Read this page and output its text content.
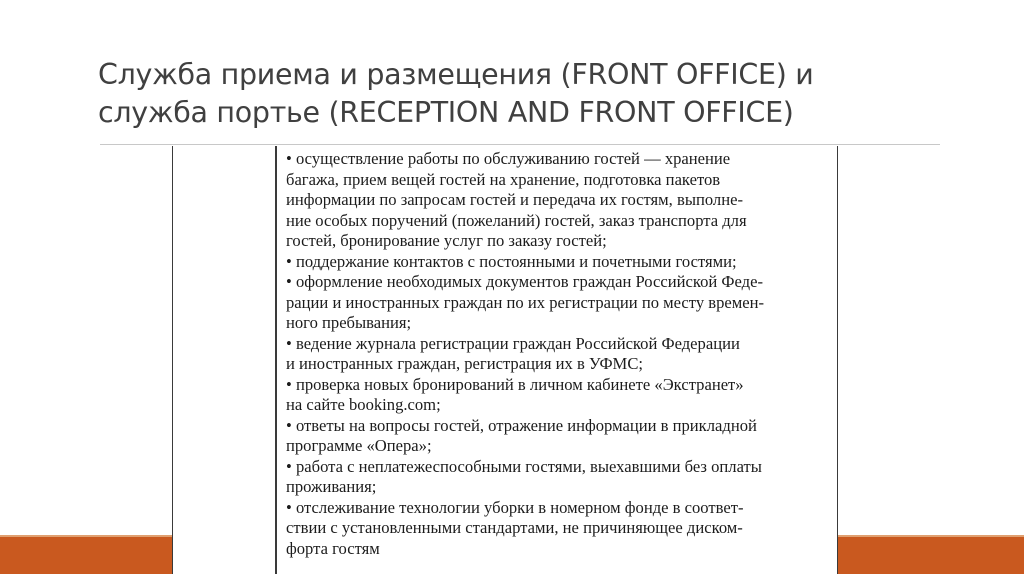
Служба приема и размещения (FRONT OFFICE) и
служба портье (RECEPTION AND FRONT OFFICE)
• осуществление работы по обслуживанию гостей — хранение
багажа, прием вещей гостей на хранение, подготовка пакетов
информации по запросам гостей и передача их гостям, выполне-
ние особых поручений (пожеланий) гостей, заказ транспорта для
гостей, бронирование услуг по заказу гостей;
• поддержание контактов с постоянными и почетными гостями;
• оформление необходимых документов граждан Российской Феде-
рации и иностранных граждан по их регистрации по месту времен-
ного пребывания;
• ведение журнала регистрации граждан Российской Федерации
и иностранных граждан, регистрация их в УФМС;
• проверка новых бронирований в личном кабинете «Экстранет»
на сайте booking.com;
• ответы на вопросы гостей, отражение информации в прикладной
программе «Опера»;
• работа с неплатежеспособными гостями, выехавшими без оплаты
проживания;
• отслеживание технологии уборки в номерном фонде в соответ-
ствии с установленными стандартами, не причиняющее диском-
форта гостям
